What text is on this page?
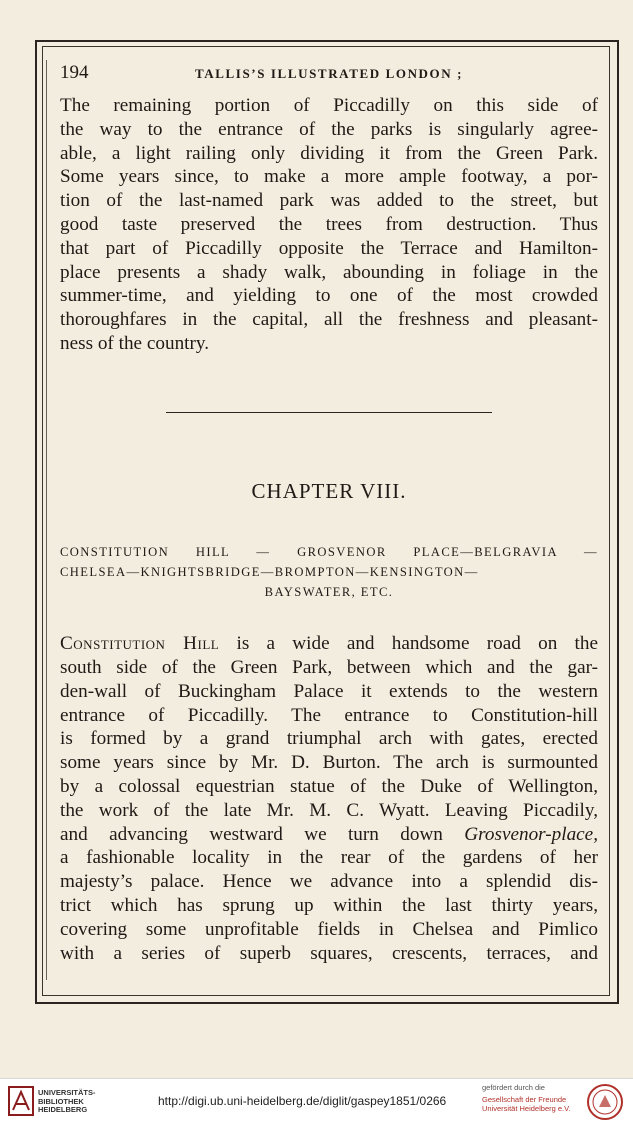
194	TALLIS’S ILLUSTRATED LONDON ;

The remaining portion of Piccadilly on this side of
the way to the entrance of the parks is singularly agree-
able, a light railing only dividing it from the Green Park.
Some years since, to make a more ample footway, a por-
tion of the last-named park was added to the street, but
good taste preserved the trees from destruction. Thus
that part of Piccadilly opposite the Terrace and Hamilton-
place presents a shady walk, abounding in foliage in the
summer-time, and yielding to one of the most crowded
thoroughfares in the capital, all the freshness and pleasant-
ness of the country.

CHAPTER VIII.
CONSTITUTION HILL — GROSVENOR PLACE—BELGRAVIA —
CHELSEA—KNIGHTSBRIDGE—BROMPTON—KENSINGTON—
BAYSWATER, ETC.

Constitution Hill is a wide and handsome road on the
south side of the Green Park, between which and the gar-
den-wall of Buckingham Palace it extends to the western
entrance of Piccadilly. The entrance to Constitution-hill
is formed by a grand triumphal arch with gates, erected
some years since by Mr. D. Burton. The arch is surmounted
by a colossal equestrian statue of the Duke of Wellington,
the work of the late Mr. M. C. Wyatt. Leaving Piccadily,
and advancing westward we turn down Grosvenor-place,
a fashionable locality in the rear of the gardens of her
majesty’s palace. Hence we advance into a splendid dis-
trict which has sprung up within the last thirty years,
covering some unprofitable fields in Chelsea and Pimlico
with a series of superb squares, crescents, terraces, and

UNIVERSITÄTS-
BIBLIOTHEK
HEIDELBERG
http://digi.ub.uni-heidelberg.de/diglit/gaspey1851/0266
gefördert durch die
Gesellschaft der Freunde
Universität Heidelberg e.V.
